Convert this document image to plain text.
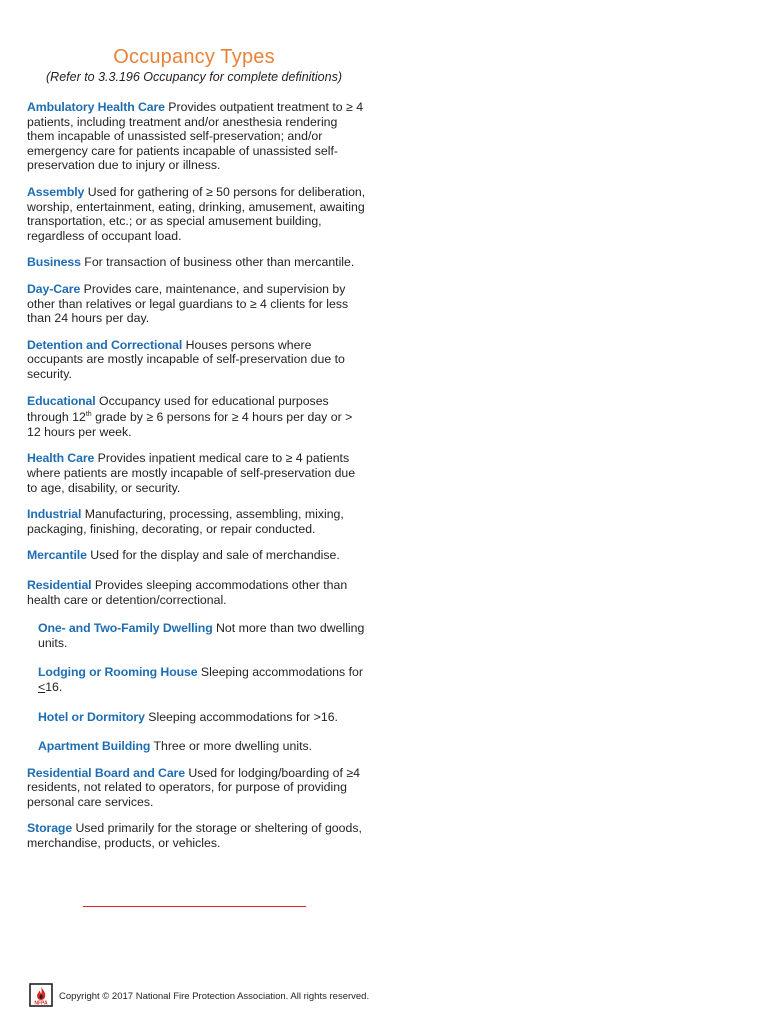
Occupancy Types
(Refer to 3.3.196 Occupancy for complete definitions)

Ambulatory Health Care Provides outpatient treatment to ≥ 4 patients, including treatment and/or anesthesia rendering them incapable of unassisted self-preservation; and/or emergency care for patients incapable of unassisted self-preservation due to injury or illness.

Assembly Used for gathering of ≥ 50 persons for deliberation, worship, entertainment, eating, drinking, amusement, awaiting transportation, etc.; or as special amusement building, regardless of occupant load.

Business For transaction of business other than mercantile.

Day-Care Provides care, maintenance, and supervision by other than relatives or legal guardians to ≥ 4 clients for less than 24 hours per day.

Detention and Correctional Houses persons where occupants are mostly incapable of self-preservation due to security.

Educational Occupancy used for educational purposes through 12th grade by ≥ 6 persons for ≥ 4 hours per day or > 12 hours per week.

Health Care Provides inpatient medical care to ≥ 4 patients where patients are mostly incapable of self-preservation due to age, disability, or security.

Industrial Manufacturing, processing, assembling, mixing, packaging, finishing, decorating, or repair conducted.

Mercantile Used for the display and sale of merchandise.

Residential Provides sleeping accommodations other than health care or detention/correctional.

One- and Two-Family Dwelling Not more than two dwelling units.

Lodging or Rooming House Sleeping accommodations for <16.

Hotel or Dormitory Sleeping accommodations for >16.

Apartment Building Three or more dwelling units.

Residential Board and Care Used for lodging/boarding of ≥4 residents, not related to operators, for purpose of providing personal care services.

Storage Used primarily for the storage or sheltering of goods, merchandise, products, or vehicles.

NFPA
Copyright © 2017 National Fire Protection Association. All rights reserved.
